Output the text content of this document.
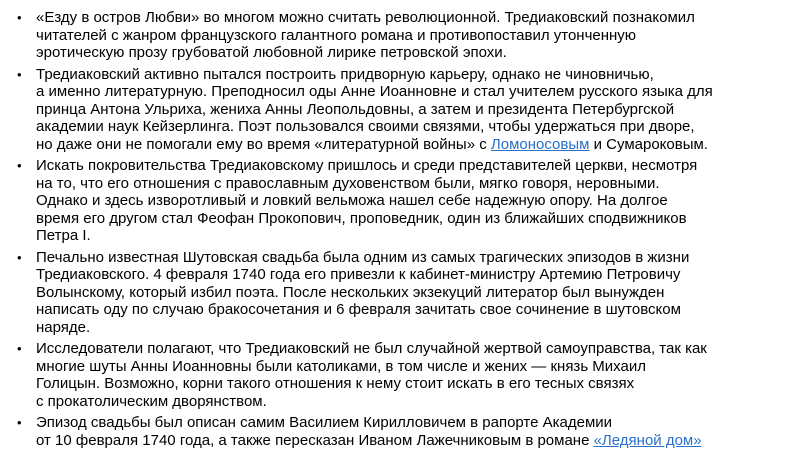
• «Езду в остров Любви» во многом можно считать революционной. Тредиаковский познакомил
читателей с жанром французского галантного романа и противопоставил утонченную
эротическую прозу грубоватой любовной лирике петровской эпохи.
• Тредиаковский активно пытался построить придворную карьеру, однако не чиновничью,
а именно литературную. Преподносил оды Анне Иоанновне и стал учителем русского языка для
принца Антона Ульриха, жениха Анны Леопольдовны, а затем и президента Петербургской
академии наук Кейзерлинга. Поэт пользовался своими связями, чтобы удержаться при дворе,
но даже они не помогали ему во время «литературной войны» с Ломоносовым и Сумароковым.
• Искать покровительства Тредиаковскому пришлось и среди представителей церкви, несмотря
на то, что его отношения с православным духовенством были, мягко говоря, неровными.
Однако и здесь изворотливый и ловкий вельможа нашел себе надежную опору. На долгое
время его другом стал Феофан Прокопович, проповедник, один из ближайших сподвижников
Петра I.
• Печально известная Шутовская свадьба была одним из самых трагических эпизодов в жизни
Тредиаковского. 4 февраля 1740 года его привезли к кабинет-министру Артемию Петровичу
Волынскому, который избил поэта. После нескольких экзекуций литератор был вынужден
написать оду по случаю бракосочетания и 6 февраля зачитать свое сочинение в шутовском
наряде.
• Исследователи полагают, что Тредиаковский не был случайной жертвой самоуправства, так как
многие шуты Анны Иоанновны были католиками, в том числе и жених — князь Михаил
Голицын. Возможно, корни такого отношения к нему стоит искать в его тесных связях
с прокатолическим дворянством.
• Эпизод свадьбы был описан самим Василием Кирилловичем в рапорте Академии
от 10 февраля 1740 года, а также пересказан Иваном Лажечниковым в романе «Ледяной дом»
